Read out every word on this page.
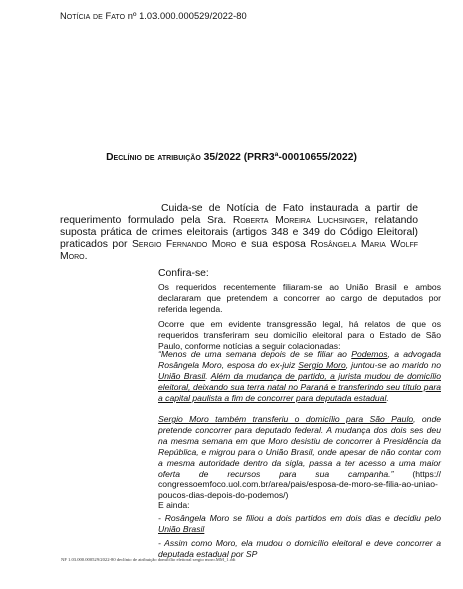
Notícia de Fato nº 1.03.000.000529/2022-80
Declínio de atribuição 35/2022 (PRR3ª-00010655/2022)
Cuida-se de Notícia de Fato instaurada a partir de requerimento formulado pela Sra. Roberta Moreira Luchsinger, relatando suposta prática de crimes eleitorais (artigos 348 e 349 do Código Eleitoral) praticados por Sergio Fernando Moro e sua esposa Rosângela Maria Wolff Moro.
Confira-se:
Os requeridos recentemente filiaram-se ao União Brasil e ambos declararam que pretendem a concorrer ao cargo de deputados por referida legenda.
Ocorre que em evidente transgressão legal, há relatos de que os requeridos transferiram seu domicílio eleitoral para o Estado de São Paulo, conforme notícias a seguir colacionadas:
“Menos de uma semana depois de se filiar ao Podemos, a advogada Rosângela Moro, esposa do ex-juiz Sergio Moro, juntou-se ao marido no União Brasil. Além da mudança de partido, a jurista mudou de domicílio eleitoral, deixando sua terra natal no Paraná e transferindo seu título para a capital paulista a fim de concorrer para deputada estadual.
Sergio Moro também transferiu o domicílio para São Paulo, onde pretende concorrer para deputado federal. A mudança dos dois ses deu na mesma semana em que Moro desistiu de concorrer à Presidência da República, e migrou para o União Brasil, onde apesar de não contar com a mesma autoridade dentro da sigla, passa a ter acesso a uma maior oferta de recursos para sua campanha.” (https:// congressoemfoco.uol.com.br/area/pais/esposa-de-moro-se-filia-ao-uniao-poucos-dias-depois-do-podemos/)
E ainda:
- Rosângela Moro se filiou a dois partidos em dois dias e decidiu pelo União Brasil
- Assim como Moro, ela mudou o domicílio eleitoral e deve concorrer a deputada estadual por SP
NF 1.03.000.000529/2022-80 declínio de atribuição domicílio eleitoral sergio moro.MM_1.odt
